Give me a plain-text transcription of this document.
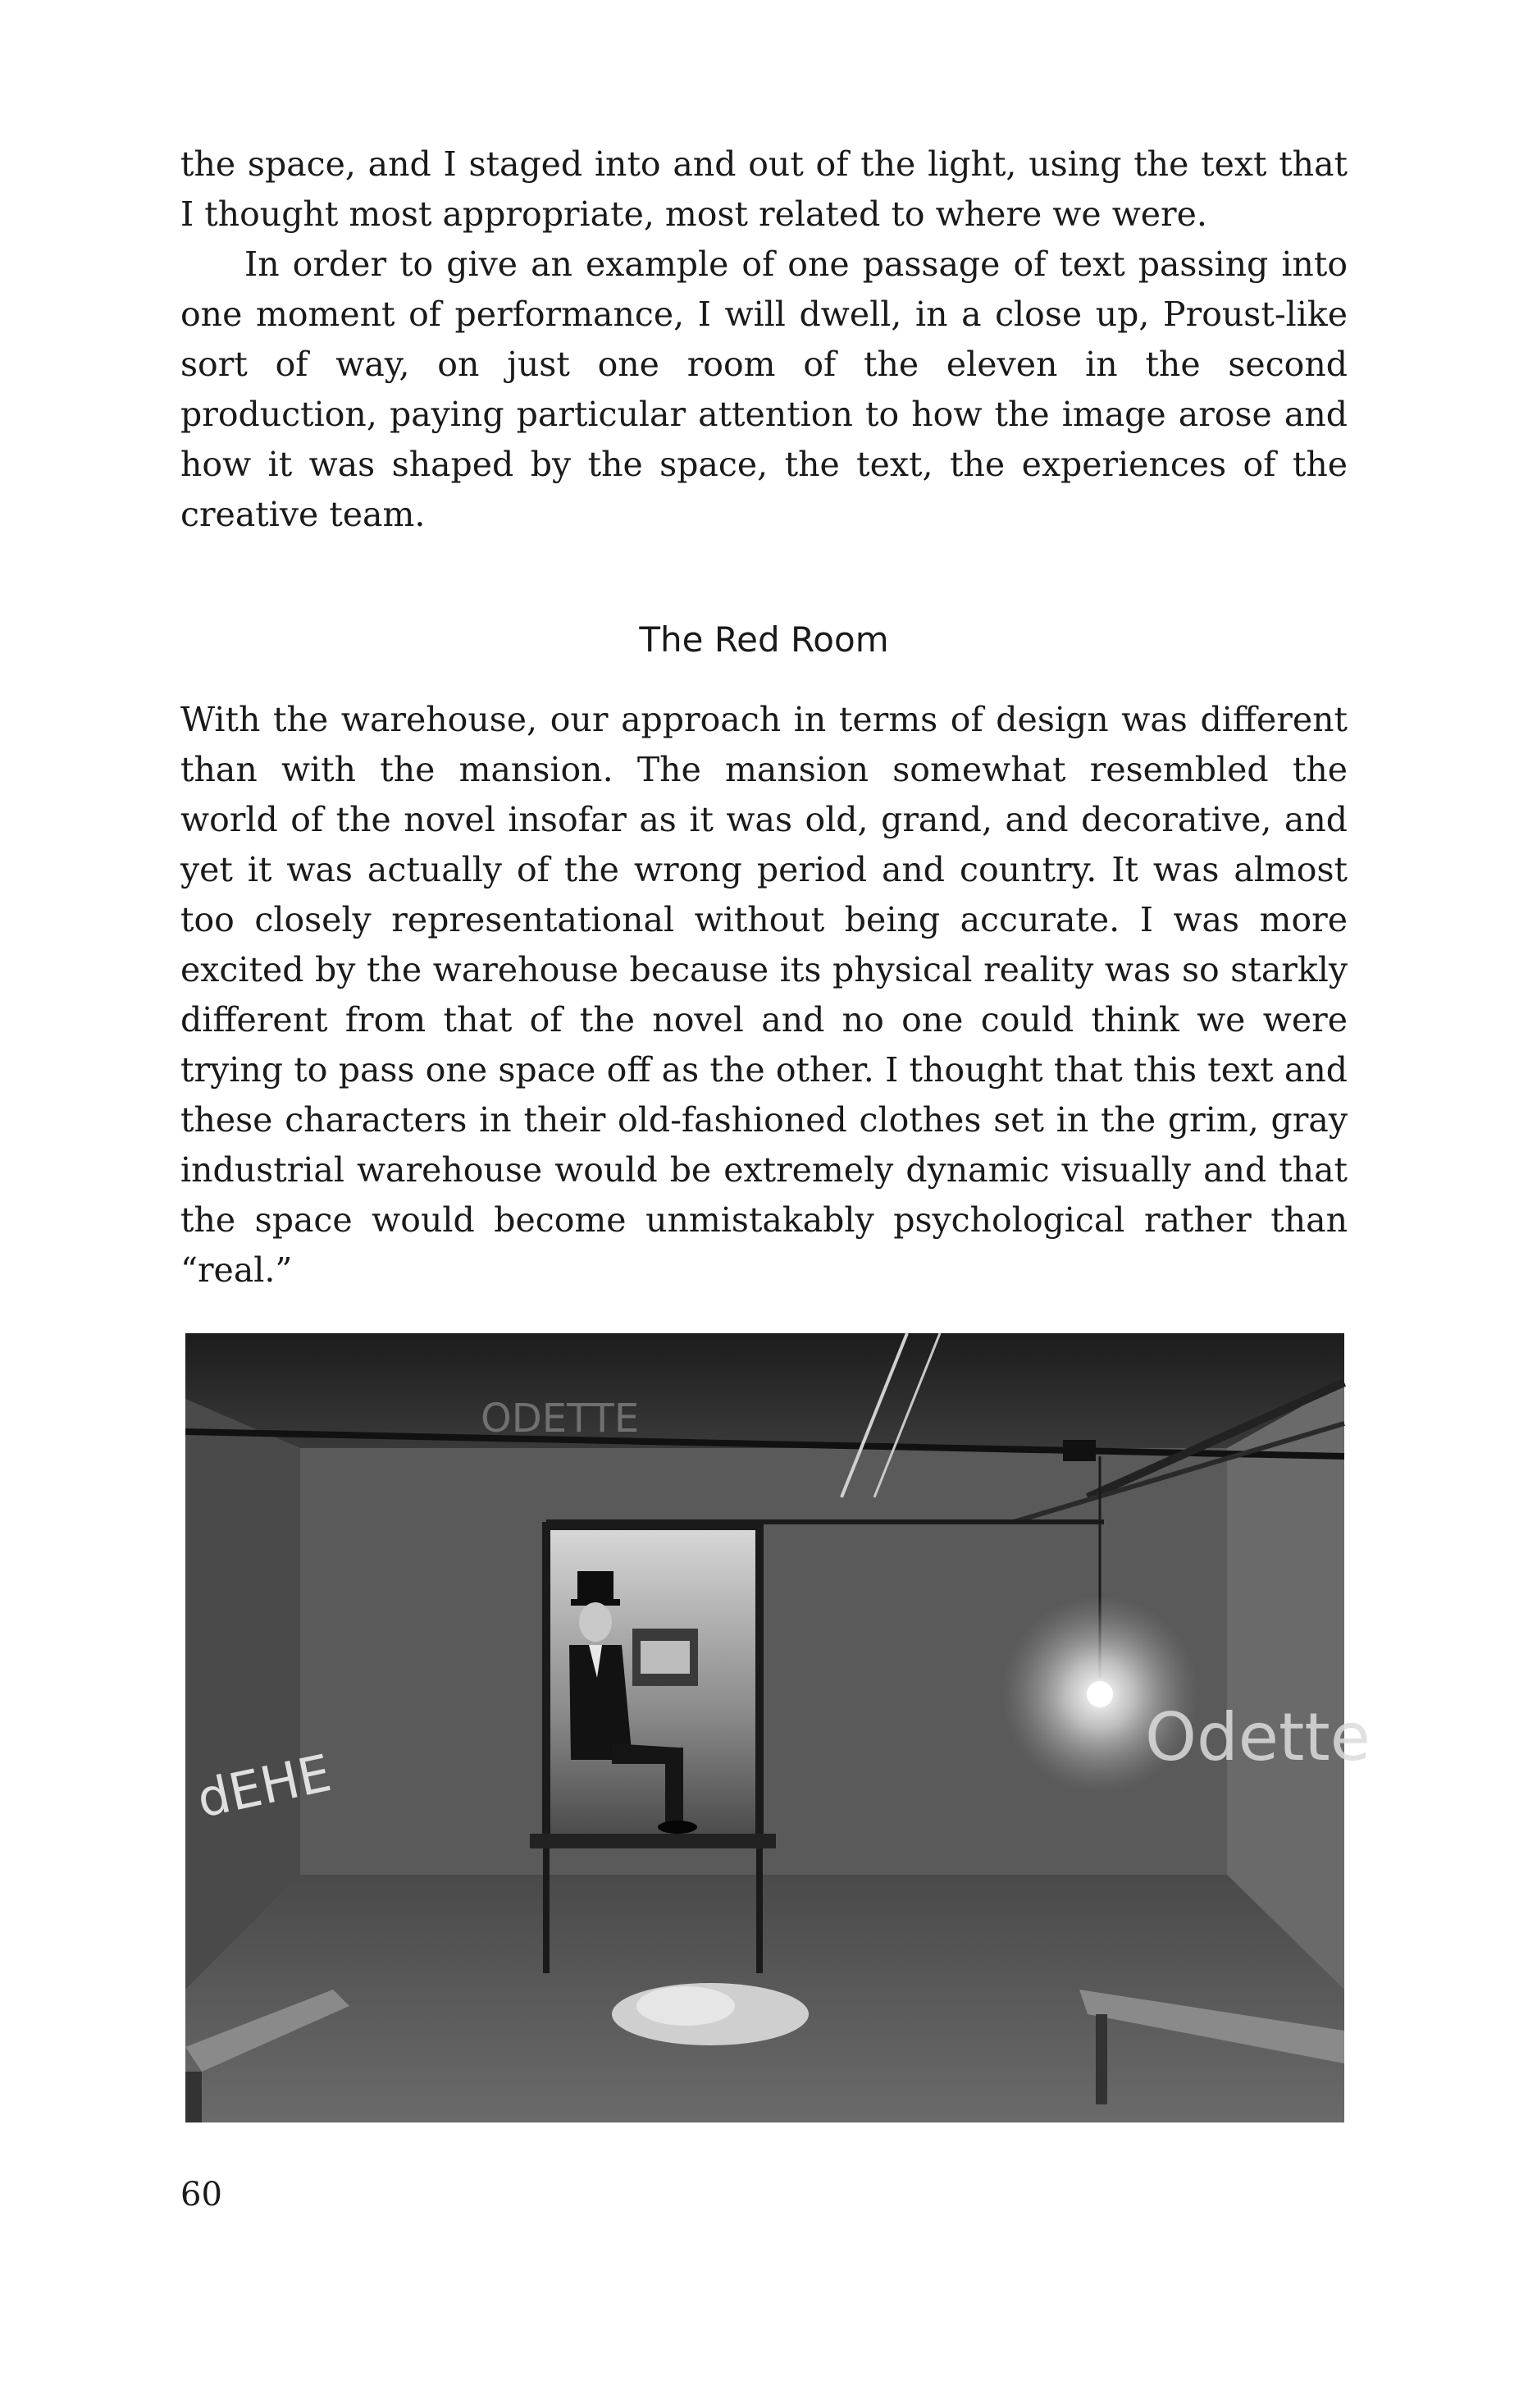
the space, and I staged into and out of the light, using the text that I thought most appropriate, most related to where we were.

In order to give an example of one passage of text passing into one moment of performance, I will dwell, in a close up, Proust-like sort of way, on just one room of the eleven in the second production, paying particular attention to how the image arose and how it was shaped by the space, the text, the experiences of the creative team.

The Red Room

With the warehouse, our approach in terms of design was different than with the mansion. The mansion somewhat resembled the world of the novel insofar as it was old, grand, and decorative, and yet it was actually of the wrong period and country. It was almost too closely representational without being accurate. I was more excited by the warehouse because its physical reality was so starkly different from that of the novel and no one could think we were trying to pass one space off as the other. I thought that this text and these characters in their old-fashioned clothes set in the grim, gray industrial warehouse would be extremely dynamic visually and that the space would become unmistakably psychological rather than “real.”

dEHE
Odette
ODETTE
60
